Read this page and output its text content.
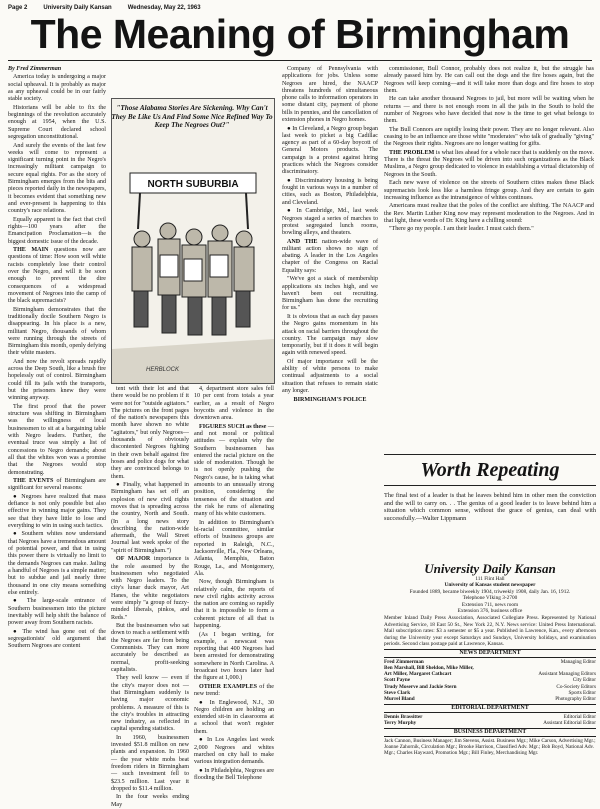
Page 2	University Daily Kansan	Wednesday, May 22, 1963
The Meaning of Birmingham

By Fred Zimmerman

America today is undergoing a major social upheaval. It is probably as major as any upheaval could be in our fairly stable society.

Historians will be able to fix the beginnings of the revolution accurately enough at 1954, when the U.S. Supreme Court declared school segregation unconstitutional.

And surely the events of the last few weeks will come to represent a significant turning point in the Negro's increasingly militant campaign to secure equal rights. For as the story of Birmingham emerges from the bits and pieces reported daily in the newspapers, it becomes evident that something new and ever-present is happening to this country's race relations.

Equally apparent is the fact that civil rights—100 years after the Emancipation Proclamation—is the biggest domestic issue of the decade.

THE MAIN questions now are questions of time: How soon will white racists completely lose their control over the Negro, and will it be soon enough to prevent the dire consequences of a widespread movement of Negroes into the camp of the black supremacists?

Birmingham demonstrates that the traditionally docile Southern Negro is disappearing. In his place is a new, militant Negro, thousands of whom were running through the streets of Birmingham this month, openly defying their white masters.

And now the revolt spreads rapidly across the Deep South, like a brush fire hopelessly out of control. Birmingham could fill its jails with the transports, but the prisoners knew they were winning anyway.

The first proof that the power structure was shifting in Birmingham was the willingness of local businessmen to sit at a bargaining table with Negro leaders. Further, the eventual truce was simply a list of concessions to Negro demands; about all that the whites won was a promise that the Negroes would stop demonstrating.

THE EVENTS of Birmingham are significant for several reasons:

● Negroes have realized that mass defiance is not only possible but also effective in winning major gains. They see that they have little to lose and everything to win in using such tactics.

● Southern whites now understand that Negroes have a tremendous amount of potential power, and that in using this power there is virtually no limit to the demands Negroes can make. Jailing a handful of Negroes is a simple matter; but to subdue and jail nearly three thousand in one city means something else entirely.

● The large-scale entrance of Southern businessmen into the picture inevitably will help shift the balance of power away from Southern racists.

● The wind has gone out of the segregationists' old argument that Southern Negroes are content

NORTH SUBURBIA
HERBLOCK
"Those Alabama Stories Are Sickening. Why Can't They Be Like Us And Find Some Nice Refined Way To Keep The Negroes Out?"

tent with their lot and that there would be no problem if it were not for "outside agitators." The pictures on the front pages of the nation's newspapers this month have shown no white "agitators," but only Negroes—thousands of obviously discontented Negroes fighting in their own behalf against fire hoses and police dogs for what they are convinced belongs to them.

● Finally, what happened in Birmingham has set off an explosion of new civil rights moves that is spreading across the country, North and South. (In a long news story describing the nation-wide aftermath, the Wall Street Journal last week spoke of the "spirit of Birmingham.")

OF MAJOR importance is the role assumed by the businessmen who negotiated with Negro leaders. To the city's lunar duck mayor, Art Hanes, the white negotiators were simply "a group of fuzzy-minded liberals, pinkos, and Reds."

But the businessmen who sat down to reach a settlement with the Negroes are far from being Communists. They can more accurately be described as normal, profit-seeking capitalists.

They well know — even if the city's mayor does not — that Birmingham suddenly is having major economic problems. A measure of this is the city's troubles in attracting new industry, as reflected in capital spending statistics.

In 1960, businessmen invested $51.8 million on new plants and expansion. In 1960 — the year white mobs beat freedom riders in Birmingham — such investment fell to $23.5 million. Last year it dropped to $11.4 million.

In the four weeks ending May

4, department store sales fell 10 per cent from totals a year earlier, as a result of Negro boycotts and violence in the downtown area.

FIGURES SUCH as these — and not moral or political attitudes — explain why the Southern businessmen has entered the racial picture on the side of moderation. Though he is not openly pushing the Negro's cause, he is taking what amounts to an unusually strong position, considering the tenseness of the situation and the risk he runs of alienating many of his white customers.

In addition to Birmingham's bi-racial committee, similar efforts of business groups are reported in Raleigh, N.C., Jacksonville, Fla., New Orleans, Atlanta, Memphis, Baton Rouge, La., and Montgomery, Ala.

Now, though Birmingham is relatively calm, the reports of new civil rights activity across the nation are coming so rapidly that it is impossible to form a coherent picture of all that is happening.

(As I began writing, for example, a newscast was reporting that 400 Negroes had been arrested for demonstrating somewhere in North Carolina. A broadcast two hours later had the figure at 1,000.)

OTHER EXAMPLES of the new trend:

● In Englewood, N.J., 30 Negro children are holding an extended sit-in in classrooms at a school that won't register them.

● In Los Angeles last week 2,000 Negroes and whites marched on city hall to make various integration demands.

● In Philadelphia, Negroes are flooding the Bell Telephone

Company of Pennsylvania with applications for jobs. Unless some Negroes are hired, the NAACP threatens hundreds of simultaneous phone calls to information operators in some distant city, payment of phone bills in pennies, and the cancellation of extension phones in Negro homes.

● In Cleveland, a Negro group began last week to picket a big Cadillac agency as part of a 60-day boycott of General Motors products. The campaign is a protest against hiring practices which the Negroes consider discriminatory.

● Discriminatory housing is being fought in various ways in a number of cities, such as Boston, Philadelphia, and Cleveland.

● In Cambridge, Md., last week Negroes staged a series of marches to protest segregated lunch rooms, bowling alleys, and theaters.

AND THE nation-wide wave of militant action shows no sign of abating. A leader in the Los Angeles chapter of the Congress on Racial Equality says:

"We've got a stack of membership applications six inches high, and we haven't been out recruiting. Birmingham has done the recruiting for us."

It is obvious that as each day passes the Negro gains momentum in his attack on racial barriers throughout the country. The campaign may slow temporarily, but if it does it will begin again with renewed speed.

Of major importance will be the ability of white persons to make continual adjustments to a social situation that refuses to remain static any longer.

BIRMINGHAM'S POLICE

commissioner, Bull Connor, probably does not realize it, but the struggle has already passed him by. He can call out the dogs and the fire hoses again, but the Negroes will keep coming—and it will take more than dogs and fire hoses to stop them.

He can take another thousand Negroes to jail, but more will be waiting when he returns — and there is not enough room in all the jails in the South to hold the number of Negroes who have decided that now is the time to get what belongs to them.

The Bull Connors are rapidly losing their power. They are no longer relevant. Also ceasing to be an influence are those white "moderates" who talk of gradually "giving" the Negroes their rights. Negroes are no longer waiting for gifts.

THE PROBLEM is what lies ahead for a whole race that is suddenly on the move. There is the threat the Negroes will be driven into such organizations as the Black Muslims, a Negro group dedicated to violence in establishing a virtual dictatorship of Negroes in the South.

Each new wave of violence on the streets of Southern cities makes these Black supremacists look less like a harmless fringe group. And they are certain to gain increasing influence as the intransigence of whites continues.

Americans must realize that the poles of the conflict are shifting. The NAACP and the Rev. Martin Luther King now may represent moderation to the Negroes. And in that light, these words of Dr. King have a chilling sound:

"There go my people. I am their leader. I must catch them."

Worth Repeating
The final test of a leader is that he leaves behind him in other men the conviction and the will to carry on. . . The genius of a good leader is to leave behind him a situation which common sense, without the grace of genius, can deal with successfully.—Walter Lippmann
University Daily Kansan
111 Flint Hall
University of Kansas student newspaper
Founded 1889, became biweekly 1904, triweekly 1908, daily Jan. 16, 1912.
Telephone VIking 3-2700
Extension 711, news room
Extension 376, business office
Member Inland Daily Press Association, Associated Collegiate Press. Represented by National Advertising Service, 18 East 50 St., New York 22, N.Y. News service: United Press International. Mail subscription rates: $3 a semester or $5 a year. Published in Lawrence, Kan., every afternoon during the University year except Saturdays and Sundays, University holidays, and examination periods. Second class postage paid at Lawrence, Kansas.
NEWS DEPARTMENT
Fred Zimmerman	Managing Editor
Ben Marshall, Bill Sheldon, Mike Miller,
Art Miller, Margaret Cathcart	Assistant Managing Editors
Scott Payne	City Editor
Trudy Moserve and Jackie Stern	Co-Society Editors
Steve Clark	Sports Editor
Murrel Bland	Photography Editor
EDITORIAL DEPARTMENT
Dennis Brassitter	Editorial Editor
Terry Murphy	Assistant Editorial Editor
BUSINESS DEPARTMENT
Jack Cannon, Business Manager; Jim Stevens, Assist. Business Mgr.; Mike Carson, Advertising Mgr.; Joanne Zahornik, Circulation Mgr.; Brooke Harrison, Classified Adv. Mgr.; Bob Boyd, National Adv. Mgr.; Charles Hayward, Promotion Mgr.; Bill Finley, Merchandising Mgr.
